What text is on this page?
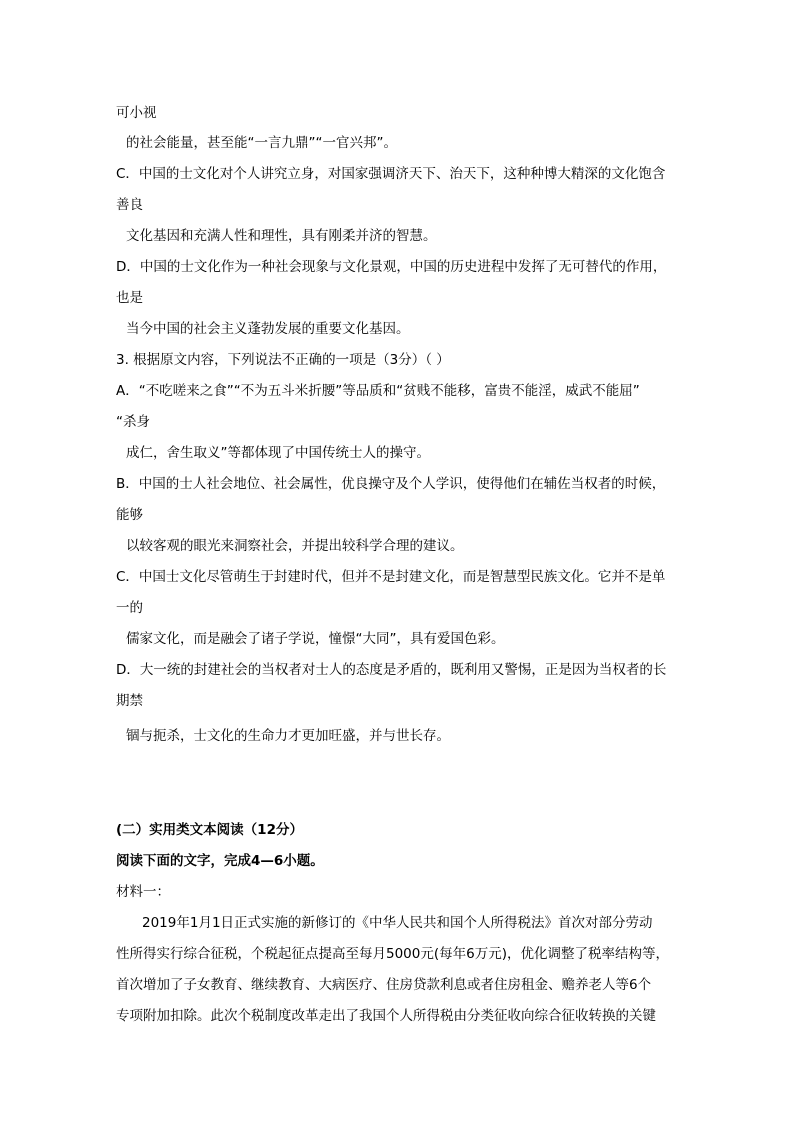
可小视
的社会能量，甚至能“一言九鼎”“一官兴邦”。
C．中国的士文化对个人讲究立身，对国家强调济天下、治天下，这种种博大精深的文化饱含
善良
文化基因和充满人性和理性，具有刚柔并济的智慧。
D．中国的士文化作为一种社会现象与文化景观，中国的历史进程中发挥了无可替代的作用，
也是
当今中国的社会主义蓬勃发展的重要文化基因。
3. 根据原文内容，下列说法不正确的一项是（3分）（ ）
A．“不吃嗟来之食”“不为五斗米折腰”等品质和“贫贱不能移，富贵不能淫，威武不能屈”
“杀身
成仁，舍生取义”等都体现了中国传统士人的操守。
B．中国的士人社会地位、社会属性，优良操守及个人学识，使得他们在辅佐当权者的时候，
能够
以较客观的眼光来洞察社会，并提出较科学合理的建议。
C．中国士文化尽管萌生于封建时代，但并不是封建文化，而是智慧型民族文化。它并不是单
一的
儒家文化，而是融会了诸子学说，憧憬“大同”，具有爱国色彩。
D．大一统的封建社会的当权者对士人的态度是矛盾的，既利用又警惕，正是因为当权者的长
期禁
锢与扼杀，士文化的生命力才更加旺盛，并与世长存。
(二）实用类文本阅读（12分）
阅读下面的文字，完成4—6小题。
材料一：
2019年1月1日正式实施的新修订的《中华人民共和国个人所得税法》首次对部分劳动
性所得实行综合征税，个税起征点提高至每月5000元(每年6万元)，优化调整了税率结构等，
首次增加了子女教育、继续教育、大病医疗、住房贷款利息或者住房租金、赡养老人等6个
专项附加扣除。此次个税制度改革走出了我国个人所得税由分类征收向综合征收转换的关键
